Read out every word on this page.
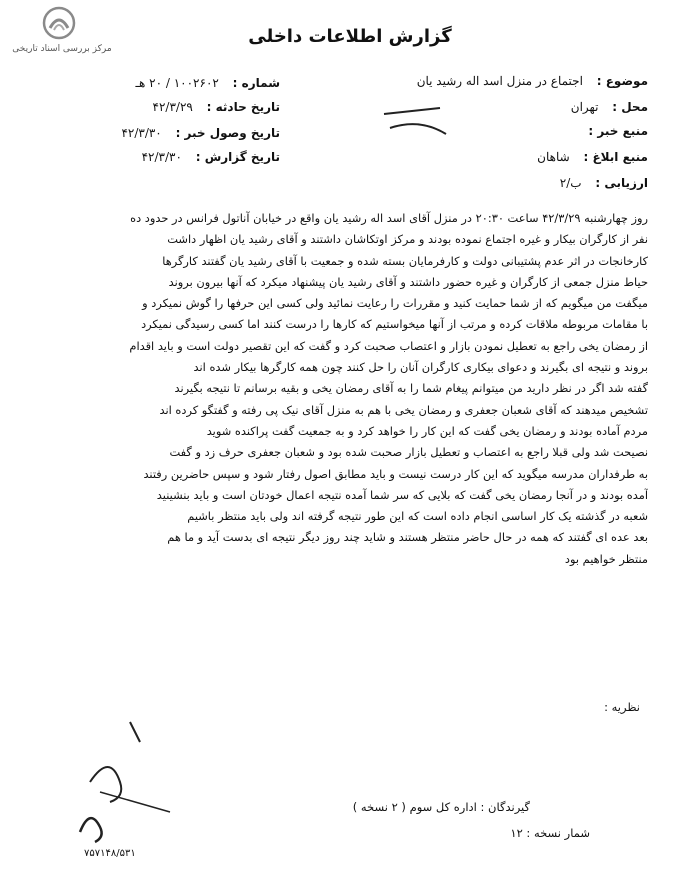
مرکز بررسی اسناد تاریخی
گزارش اطلاعات داخلی
موضوع : اجتماع در منزل اسد اله رشید یان
محل : تهران
منبع خبر :
منبع ابلاغ : شاهان
ارزیابی : ب/۲
شماره : ۱۰۰۲۶۰۲ / ۲۰ هـ
تاریخ حادثه : ۴۲/۳/۲۹
تاریخ وصول خبر : ۴۲/۳/۳۰
تاریخ گزارش : ۴۲/۳/۳۰

روز چهارشنبه ۴۲/۳/۲۹ ساعت ۲۰:۳۰ در منزل آقای اسد اله رشید یان واقع در خیابان آناتول فرانس در حدود ده

نفر از کارگران بیکار و غیره اجتماع نموده بودند و مرکز اوتکاشان داشتند و آقای رشید یان اظهار داشت

کارخانجات در اثر عدم پشتیبانی دولت و کارفرمایان بسته شده و جمعیت با آقای رشید یان گفتند کارگرها

حیاط منزل جمعی از کارگران و غیره حضور داشتند و آقای رشید یان پیشنهاد میکرد که آنها بیرون بروند

میگفت من میگویم که از شما حمایت کنید و مقررات را رعایت نمائید ولی کسی این حرفها را گوش نمیکرد و

با مقامات مربوطه ملاقات کرده و مرتب از آنها میخواستیم که کارها را درست کنند اما کسی رسیدگی نمیکرد

از رمضان یخی راجع به تعطیل نمودن بازار و اعتصاب صحبت کرد و گفت که این تقصیر دولت است و باید اقدام

بروند و نتیجه ای بگیرند و دعوای بیکاری کارگران آنان را حل کنند چون همه کارگرها بیکار شده اند

گفته شد اگر در نظر دارید من میتوانم پیغام شما را به آقای رمضان یخی و بقیه برسانم تا نتیجه بگیرند

تشخیص میدهند که آقای شعبان جعفری و رمضان یخی با هم به منزل آقای نیک پی رفته و گفتگو کرده اند

مردم آماده بودند و رمضان یخی گفت که این کار را خواهد کرد و به جمعیت گفت پراکنده شوید

نصیحت شد ولی قبلا راجع به اعتصاب و تعطیل بازار صحبت شده بود و شعبان جعفری حرف زد و گفت

به طرفداران مدرسه میگوید که این کار درست نیست و باید مطابق اصول رفتار شود و سپس حاضرین رفتند

آمده بودند و در آنجا رمضان یخی گفت که بلایی که سر شما آمده نتیجه اعمال خودتان است و باید بنشینید

شعبه در گذشته یک کار اساسی انجام داده است که این طور نتیجه گرفته اند ولی باید منتظر باشیم

بعد عده ای گفتند که همه در حال حاضر منتظر هستند و شاید چند روز دیگر نتیجه ای بدست آید و ما هم

منتظر خواهیم بود

نظریه :
گیرندگان : اداره کل سوم ( ۲ نسخه )
شمار نسخه : ۱۲
۷۵۷۱۴۸/۵۳۱
